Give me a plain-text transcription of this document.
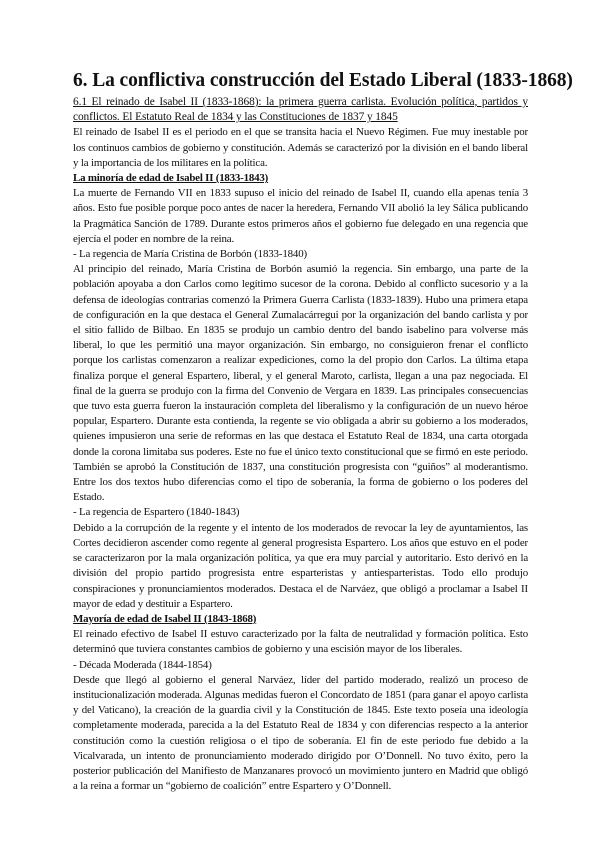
6. La conflictiva construcción del Estado Liberal (1833-1868)
6.1 El reinado de Isabel II (1833-1868): la primera guerra carlista. Evolución política, partidos y conflictos. El Estatuto Real de 1834 y las Constituciones de 1837 y 1845

El reinado de Isabel II es el periodo en el que se transita hacia el Nuevo Régimen. Fue muy inestable por los continuos cambios de gobierno y constitución. Además se caracterizó por la división en el bando liberal y la importancia de los militares en la política.

La minoría de edad de Isabel II (1833-1843)

La muerte de Fernando VII en 1833 supuso el inicio del reinado de Isabel II, cuando ella apenas tenía 3 años. Esto fue posible porque poco antes de nacer la heredera, Fernando VII abolió la ley Sálica publicando la Pragmática Sanción de 1789. Durante estos primeros años el gobierno fue delegado en una regencia que ejercía el poder en nombre de la reina.

- La regencia de María Cristina de Borbón (1833-1840)

Al principio del reinado, María Cristina de Borbón asumió la regencia. Sin embargo, una parte de la población apoyaba a don Carlos como legítimo sucesor de la corona. Debido al conflicto sucesorio y a la defensa de ideologías contrarias comenzó la Primera Guerra Carlista (1833-1839). Hubo una primera etapa de configuración en la que destaca el General Zumalacárregui por la organización del bando carlista y por el sitio fallido de Bilbao. En 1835 se produjo un cambio dentro del bando isabelino para volverse más liberal, lo que les permitió una mayor organización. Sin embargo, no consiguieron frenar el conflicto porque los carlistas comenzaron a realizar expediciones, como la del propio don Carlos. La última etapa finaliza porque el general Espartero, liberal, y el general Maroto, carlista, llegan a una paz negociada. El final de la guerra se produjo con la firma del Convenio de Vergara en 1839. Las principales consecuencias que tuvo esta guerra fueron la instauración completa del liberalismo y la configuración de un nuevo héroe popular, Espartero. Durante esta contienda, la regente se vio obligada a abrir su gobierno a los moderados, quienes impusieron una serie de reformas en las que destaca el Estatuto Real de 1834, una carta otorgada donde la corona limitaba sus poderes. Este no fue el único texto constitucional que se firmó en este periodo. También se aprobó la Constitución de 1837, una constitución progresista con “guiños” al moderantismo. Entre los dos textos hubo diferencias como el tipo de soberanía, la forma de gobierno o los poderes del Estado.

- La regencia de Espartero (1840-1843)

Debido a la corrupción de la regente y el intento de los moderados de revocar la ley de ayuntamientos, las Cortes decidieron ascender como regente al general progresista Espartero. Los años que estuvo en el poder se caracterizaron por la mala organización política, ya que era muy parcial y autoritario. Esto derivó en la división del propio partido progresista entre esparteristas y antiesparteristas. Todo ello produjo conspiraciones y pronunciamientos moderados. Destaca el de Narváez, que obligó a proclamar a Isabel II mayor de edad y destituir a Espartero.

Mayoría de edad de Isabel II (1843-1868)

El reinado efectivo de Isabel II estuvo caracterizado por la falta de neutralidad y formación política. Esto determinó que tuviera constantes cambios de gobierno y una escisión mayor de los liberales.

- Década Moderada (1844-1854)

Desde que llegó al gobierno el general Narváez, líder del partido moderado, realizó un proceso de institucionalización moderada. Algunas medidas fueron el Concordato de 1851 (para ganar el apoyo carlista y del Vaticano), la creación de la guardia civil y la Constitución de 1845. Este texto poseía una ideología completamente moderada, parecida a la del Estatuto Real de 1834 y con diferencias respecto a la anterior constitución como la cuestión religiosa o el tipo de soberanía. El fin de este periodo fue debido a la Vicalvarada, un intento de pronunciamiento moderado dirigido por O’Donnell. No tuvo éxito, pero la posterior publicación del Manifiesto de Manzanares provocó un movimiento juntero en Madrid que obligó a la reina a formar un “gobierno de coalición” entre Espartero y O’Donnell.
